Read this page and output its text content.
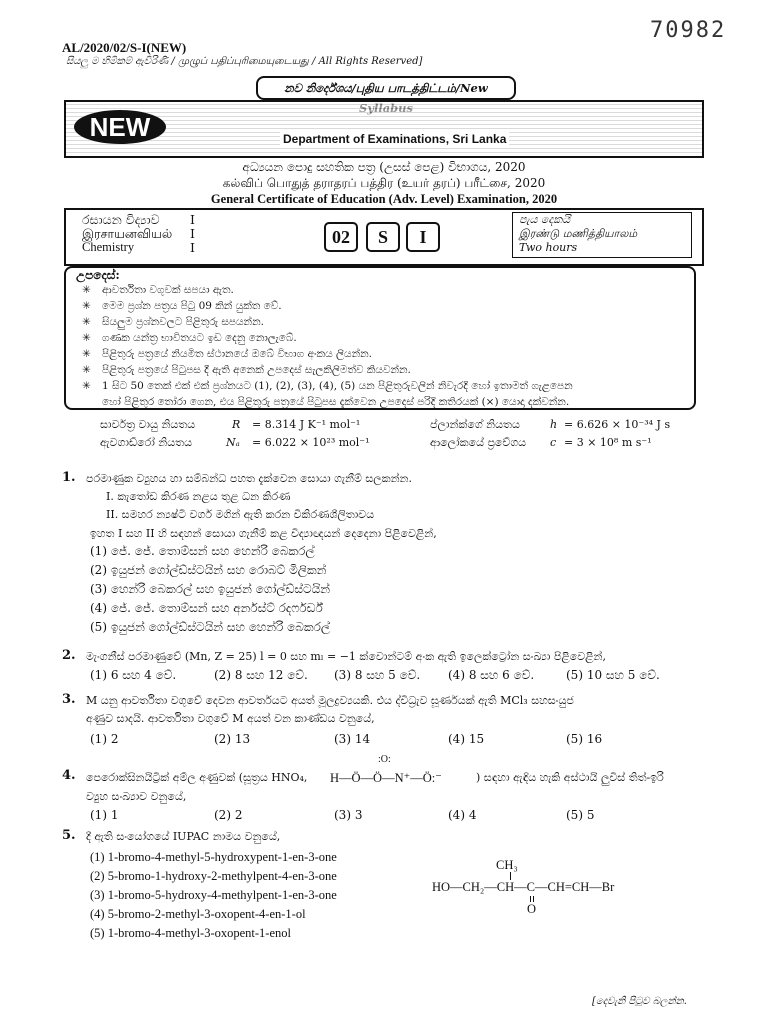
70982
AL/2020/02/S-I(NEW)
සියලු ම හිමිකම් ඇවිරිණි / முழுப் பதிப்புரிமையுடையது / All Rights Reserved]
නව නිර්දේශය/புதிய பாடத்திட்டம்/New
NEW	Department of Examinations, Sri Lanka
අධ්‍යයන පොදු සහතික පත්‍ර (උසස් පෙළ) විභාගය, 2020
கல்விப் பொதுத் தராதரப் பத்திர (உயர் தரப்) பரீட்சை, 2020
General Certificate of Education (Adv. Level) Examination, 2020
රසායන විද්‍යාව I
இரசாயனவியல் I
Chemistry	I
02	S	I
පැය දෙකයි
இரண்டு மணித்தியாலம்
Two hours
උපදෙස්:
✳ ආවර්තිතා වගුවක් සපයා ඇත.
✳ මෙම ප්‍රශ්න පත්‍රය පිටු 09 කින් යුක්ත වේ.
✳ සියලුම ප්‍රශ්නවලට පිළිතුරු සපයන්න.
✳ ගණක යන්ත්‍ර භාවිතයට ඉඩ දෙනු නොලැබේ.
✳ පිළිතුරු පත්‍රයේ නියමිත ස්ථානයේ ඔබේ විභාග අංකය ලියන්න.
✳ පිළිතුරු පත්‍රයේ පිටුපස දී ඇති අනෙක් උපදෙස් සැලකිලිමත්ව කියවන්න.
✳ 1 සිට 50 තෙක් එක් එක් ප්‍රශ්නයට (1), (2), (3), (4), (5) යන පිළිතුරුවලින් නිවැරදි හෝ ඉතාමත් ගැළපෙන
හෝ පිළිතුර තෝරා ගෙන, එය පිළිතුරු පත්‍රයේ පිටුපස දැක්වෙන උපදෙස් පරිදි කතිරයක් (×) යොදා දක්වන්න.
සාර්වත්‍ර වායු නියතය	R = 8.314 J K⁻¹ mol⁻¹	ප්ලාන්ක්ගේ නියතය	h = 6.626 × 10⁻³⁴ J s
ඇවගාඩ්රෝ නියතය	Nₐ = 6.022 × 10²³ mol⁻¹	ආලෝකයේ ප්‍රවේගය c = 3 × 10⁸ m s⁻¹
1. පරමාණුක ව්‍යුහය හා සම්බන්ධ පහත දැක්වෙන සොයා ගැනීම් සලකන්න.
I. කැතෝඩ කිරණ නළය තුළ ධන කිරණ
II. සමහර න්‍යෂ්ටි වර්ග මගින් ඇති කරන විකිරණශීලිතාවය
ඉහත I සහ II හි සඳහන් සොයා ගැනීම් කළ විද්‍යාඥයන් දෙදෙනා පිළිවෙළින්,
(1) ජේ. ජේ. තොම්සන් සහ හෙන්රි බෙකරල්
(2) ඉයුජන් ගෝල්ඩ්ස්ටයින් සහ රොබට් මිලිකන්
(3) හෙන්රි බෙකරල් සහ ඉයුජන් ගෝල්ඩ්ස්ටයින්
(4) ජේ. ජේ. තොම්සන් සහ අර්නස්ට් රදර්ෆර්ඩ්
(5) ඉයුජන් ගෝල්ඩ්ස්ටයින් සහ හෙන්රි බෙකරල්
2. මැංගනීස් පරමාණුවේ (Mn, Z = 25) l = 0 සහ mₗ = −1 ක්වොන්ටම් අංක ඇති ඉලෙක්ට්‍රෝන සංඛ්‍යා පිළිවෙළින්,
(1) 6 සහ 4 වේ.	(2) 8 සහ 12 වේ. (3) 8 සහ 5 වේ. (4) 8 සහ 6 වේ.	(5) 10 සහ 5 වේ.
3. M යනු ආවර්තිතා වගුවේ දෙවන ආවර්තයට අයත් මූලද්‍රව්‍යයකි. එය ද්විධ්‍රැව ඝූර්ණයක් ඇති MCl₃ සහසංයුජ
අණුව සාදයි. ආවර්තිතා වගුවේ M අයත් වන කාණ්ඩය වනුයේ,
(1) 2	(2) 13	(3) 14	(4) 15	(5) 16
4. පෙරොක්සිනයිට්‍රික් අම්ල අණුවක් (සූත්‍රය HNO₄,
:O:
H—Ö—Ö—N⁺—Ö:⁻	) සඳහා ඇඳිය හැකි අස්ථායි ලුවිස් තිත්-ඉරි
ව්‍යුහ සංඛ්‍යාව වනුයේ,
(1) 1	(2) 2	(3) 3	(4) 4	(5) 5
5. දී ඇති සංයෝගයේ IUPAC නාමය වනුයේ,
(1) 1-bromo-4-methyl-5-hydroxypent-1-en-3-one
(2) 5-bromo-1-hydroxy-2-methylpent-4-en-3-one
(3) 1-bromo-5-hydroxy-4-methylpent-1-en-3-one
(4) 5-bromo-2-methyl-3-oxopent-4-en-1-ol
(5) 1-bromo-4-methyl-3-oxopent-1-enol
CH₃
HO—CH₂—CH—C—CH=CH—Br
O
[දෙවැනි පිටුව බලන්න.
